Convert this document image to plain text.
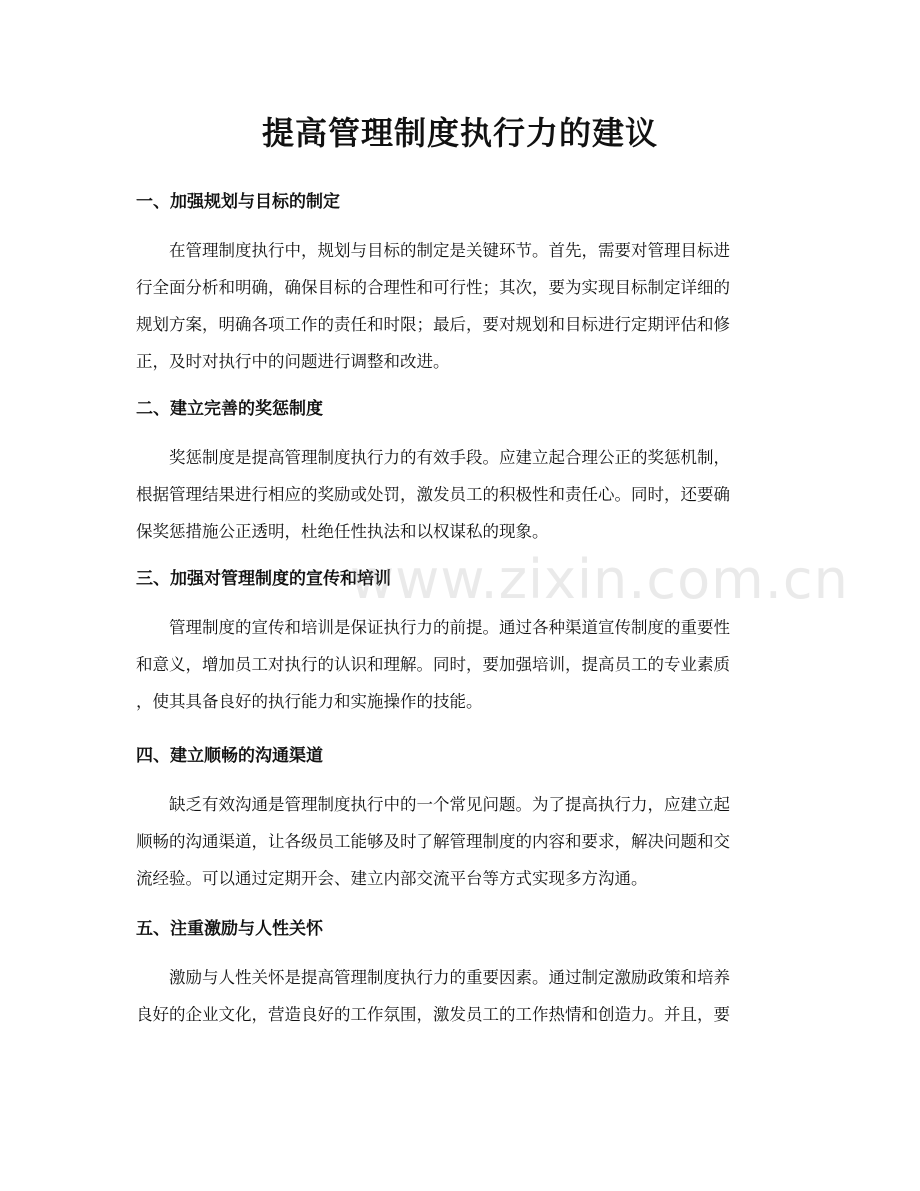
提高管理制度执行力的建议
一、加强规划与目标的制定

在管理制度执行中，规划与目标的制定是关键环节。首先，需要对管理目标进
行全面分析和明确，确保目标的合理性和可行性；其次，要为实现目标制定详细的
规划方案，明确各项工作的责任和时限；最后，要对规划和目标进行定期评估和修
正，及时对执行中的问题进行调整和改进。

二、建立完善的奖惩制度

奖惩制度是提高管理制度执行力的有效手段。应建立起合理公正的奖惩机制，
根据管理结果进行相应的奖励或处罚，激发员工的积极性和责任心。同时，还要确
保奖惩措施公正透明，杜绝任性执法和以权谋私的现象。

三、加强对管理制度的宣传和培训

管理制度的宣传和培训是保证执行力的前提。通过各种渠道宣传制度的重要性
和意义，增加员工对执行的认识和理解。同时，要加强培训，提高员工的专业素质
，使其具备良好的执行能力和实施操作的技能。

四、建立顺畅的沟通渠道

缺乏有效沟通是管理制度执行中的一个常见问题。为了提高执行力，应建立起
顺畅的沟通渠道，让各级员工能够及时了解管理制度的内容和要求，解决问题和交
流经验。可以通过定期开会、建立内部交流平台等方式实现多方沟通。

五、注重激励与人性关怀

激励与人性关怀是提高管理制度执行力的重要因素。通过制定激励政策和培养
良好的企业文化，营造良好的工作氛围，激发员工的工作热情和创造力。并且，要

www.zixin.com.cn
